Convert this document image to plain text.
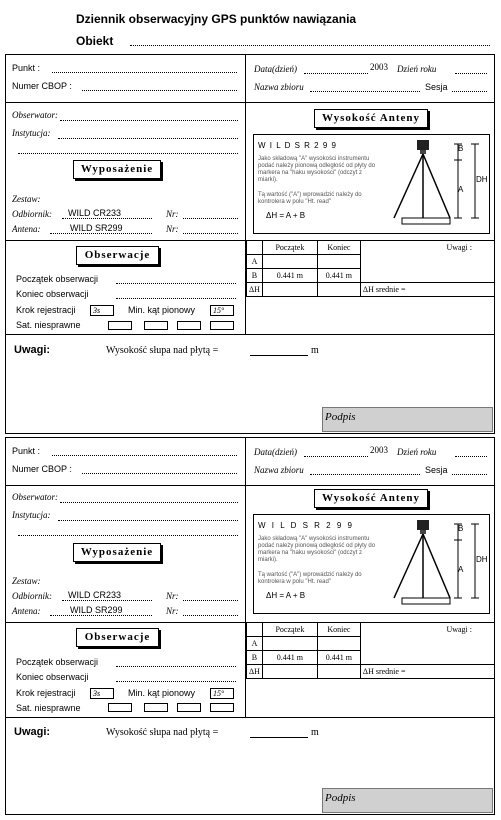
Dziennik obserwacyjny GPS punktów nawiązania
Obiekt
Punkt :
Numer CBOP :
Data(dzień)	2003 Dzień roku
Nazwa zbioru	Sesja
Obserwator:
Instytucja:
Wyposażenie
Zestaw:
Odbiornik: WILD CR233	Nr:
Antena:	WILD SR299	Nr:
Wysokość Anteny
W I L D S R 2 9 9
Jako składową "A" wysokości instrumentu podać należy pionową odległość od płyty do markera na "haku wysokości" (odczyt z miarki).
Tą wartość ("A") wprowadzić należy do kontrolera w polu "Ht. read"
ΔH = A + B
B
A
DH
Obserwacje
Początek obserwacji
Koniec obserwacji
Krok rejestracji	3s	Min. kąt pionowy	15°
Sat. niesprawne
	Początek	Koniec	Uwagi :
A			
B	0.441 m	0.441 m	
ΔH			ΔH srednie =
Uwagi:	Wysokość słupa nad płytą =	m
Podpis
Punkt :
Numer CBOP :
Data(dzień)	2003 Dzień roku
Nazwa zbioru	Sesja
Obserwator:
Instytucja:
Wyposażenie
Zestaw:
Odbiornik: WILD CR233	Nr:
Antena:	WILD SR299	Nr:
Wysokość Anteny
W I L D S R 2 9 9
Jako składową "A" wysokości instrumentu podać należy pionową odległość od płyty do markera na "haku wysokości" (odczyt z miarki).
Tą wartość ("A") wprowadzić należy do kontrolera w polu "Ht. read"
ΔH = A + B
B
A
DH
Obserwacje
Początek obserwacji
Koniec obserwacji
Krok rejestracji	3s	Min. kąt pionowy	15°
Sat. niesprawne
	Początek	Koniec	Uwagi :
A			
B	0.441 m	0.441 m	
ΔH			ΔH srednie =
Uwagi:	Wysokość słupa nad płytą =	m
Podpis
